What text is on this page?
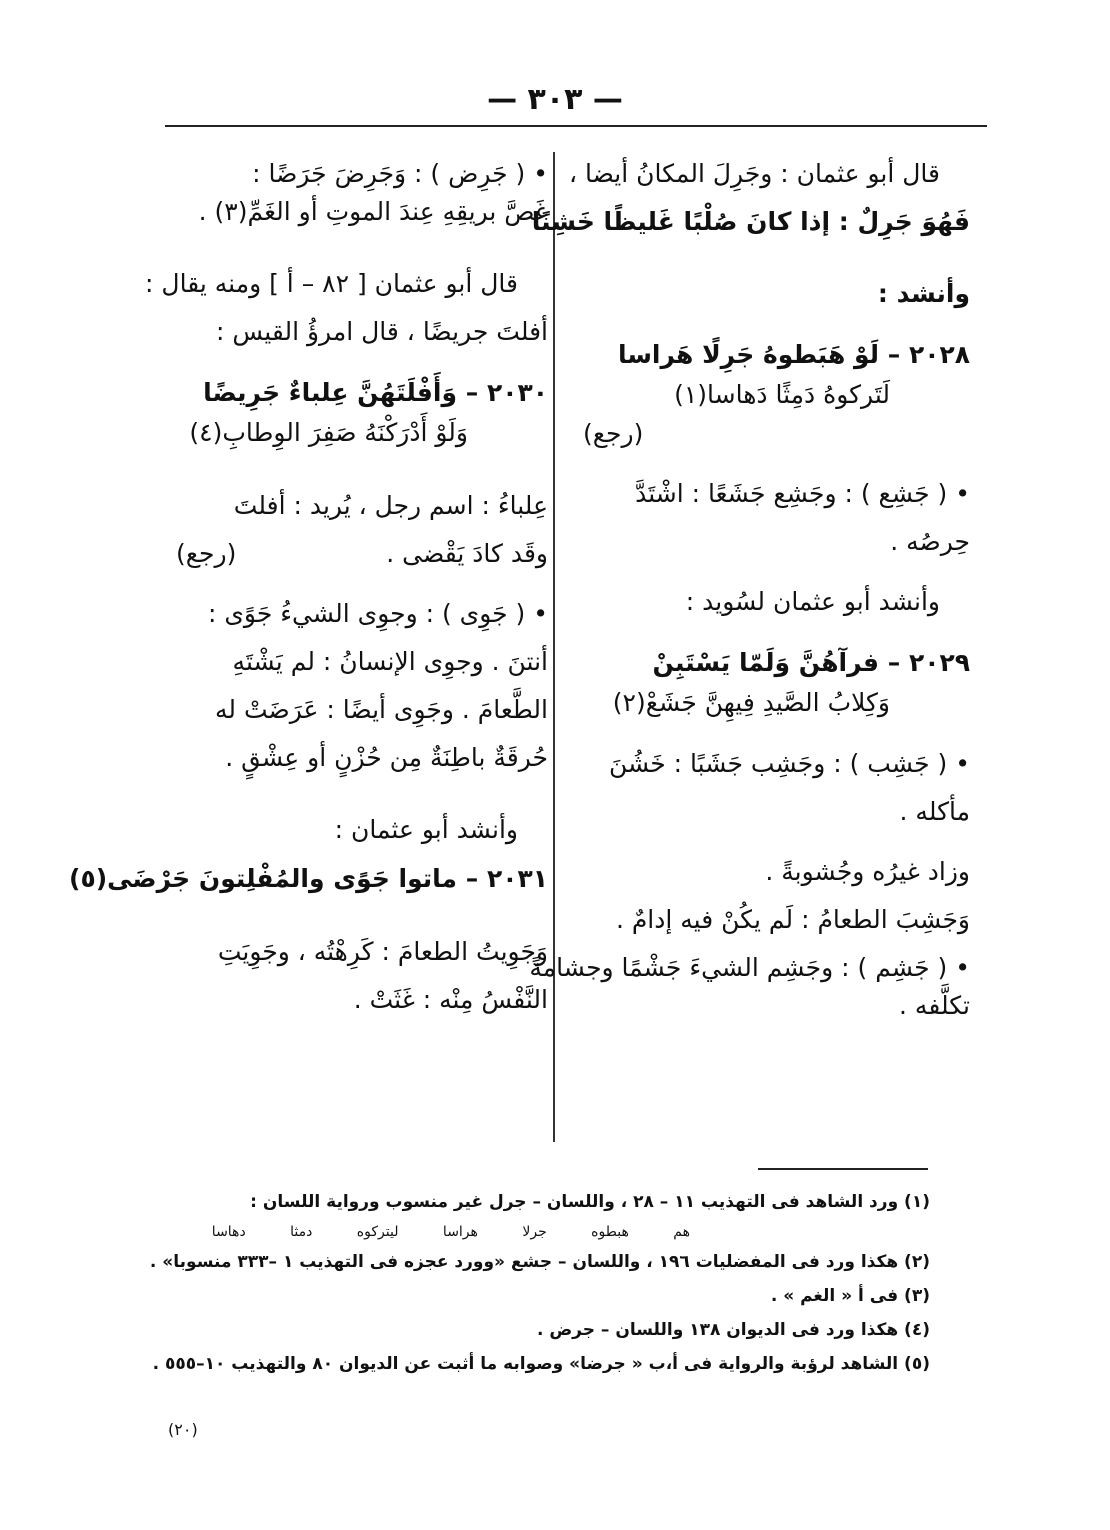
— ٣٠٣ —
قال أبو عثمان : وجَرِلَ المكانُ أيضا ،
فَهُوَ جَرِلٌ : إذا كانَ صُلْبًا غَليظًا خَشِنًا
وأنشد :
٢٠٢٨ – لَوْ هَبَطوهُ جَرِلًا هَراسا
لَتَركوهُ دَمِثًا دَهاسا(١)
(رجع)
• ( جَشِع ) : وجَشِع جَشَعًا : اشْتَدَّ
حِرصُه .
وأنشد أبو عثمان لسُويد :
٢٠٢٩ – فرآهُنَّ وَلَمّا يَسْتَبِنْ
وَكِلابُ الصَّيدِ فِيهِنَّ جَشَعْ(٢)
• ( جَشِب ) : وجَشِب جَشَبًا : خَشُنَ
مأكله .
وزاد غيرُه وجُشوبةً .
وَجَشِبَ الطعامُ : لَم يكُنْ فيه إدامٌ .
• ( جَشِم ) : وجَشِم الشيءَ جَشْمًا وجشامةً
تكلَّفه .
• ( جَرِض ) : وَجَرِضَ جَرَضًا :
غَصَّ بريقِهِ عِندَ الموتِ أو الغَمِّ(٣) .
قال أبو عثمان [ ٨٢ – أ ] ومنه يقال :
أفلتَ جريضًا ، قال امرؤُ القيس :
٢٠٣٠ – وَأَفْلَتَهُنَّ عِلباءٌ جَرِيضًا
وَلَوْ أَدْرَكْنَهُ صَفِرَ الوِطابِ(٤)
عِلباءُ : اسم رجل ، يُريد : أفلتَ
وقَد كادَ يَقْضى .
(رجع)
• ( جَوِى ) : وجوِى الشيءُ جَوًى :
أنتنَ . وجوِى الإنسانُ : لم يَشْتَهِ
الطَّعامَ . وجَوِى أيضًا : عَرَضَتْ له
حُرقَةٌ باطِنَةٌ مِن حُزْنٍ أو عِشْقٍ .
وأنشد أبو عثمان :
٢٠٣١ – ماتوا جَوًى والمُفْلِتونَ جَرْضَى(٥)
وَجَوِيتُ الطعامَ : كَرِهْتُه ، وجَوِيَتِ
النَّفْسُ مِنْه : غَثَتْ .
(١) ورد الشاهد فى التهذيب ١١ – ٢٨ ، واللسان – جرل غير منسوب ورواية اللسان :
هم هبطوه جرلا هراسا ليتركوه دمثا دهاسا
(٢) هكذا ورد فى المفضليات ١٩٦ ، واللسان – جشع «وورد عجزه فى التهذيب ١ –٣٣٣ منسوبا» .
(٣) فى أ « الغم » .
(٤) هكذا ورد فى الديوان ١٣٨ واللسان – جرض .
(٥) الشاهد لرؤبة والرواية فى أ،ب « جرضا» وصوابه ما أثبت عن الديوان ٨٠ والتهذيب ١٠–٥٥٥ .
(٢٠)
